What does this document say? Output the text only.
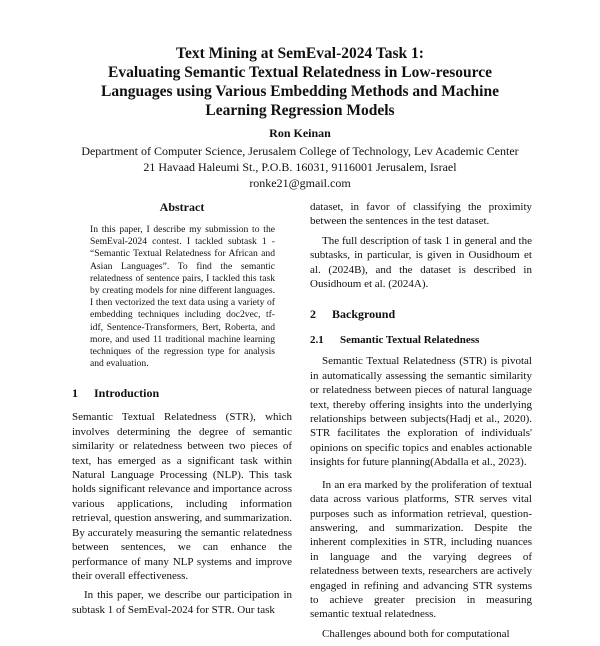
Text Mining at SemEval-2024 Task 1:
Evaluating Semantic Textual Relatedness in Low-resource
Languages using Various Embedding Methods and Machine
Learning Regression Models
Ron Keinan
Department of Computer Science, Jerusalem College of Technology, Lev Academic Center
21 Havaad Haleumi St., P.O.B. 16031, 9116001 Jerusalem, Israel
ronke21@gmail.com
Abstract
In this paper, I describe my submission to the SemEval-2024 contest. I tackled subtask 1 - “Semantic Textual Relatedness for African and Asian Languages”. To find the semantic relatedness of sentence pairs, I tackled this task by creating models for nine different languages. I then vectorized the text data using a variety of embedding techniques including doc2vec, tf-idf, Sentence-Transformers, Bert, Roberta, and more, and used 11 traditional machine learning techniques of the regression type for analysis and evaluation.
1 Introduction

Semantic Textual Relatedness (STR), which involves determining the degree of semantic similarity or relatedness between two pieces of text, has emerged as a significant task within Natural Language Processing (NLP). This task holds significant relevance and importance across various applications, including information retrieval, question answering, and summarization. By accurately measuring the semantic relatedness between sentences, we can enhance the performance of many NLP systems and improve their overall effectiveness.

In this paper, we describe our participation in subtask 1 of SemEval-2024 for STR. Our task

dataset, in favor of classifying the proximity between the sentences in the test dataset.

The full description of task 1 in general and the subtasks, in particular, is given in Ousidhoum et al. (2024B), and the dataset is described in Ousidhoum et al. (2024A).

2 Background
2.1 Semantic Textual Relatedness

Semantic Textual Relatedness (STR) is pivotal in automatically assessing the semantic similarity or relatedness between pieces of natural language text, thereby offering insights into the underlying relationships between subjects(Hadj et al., 2020). STR facilitates the exploration of individuals' opinions on specific topics and enables actionable insights for future planning(Abdalla et al., 2023).

In an era marked by the proliferation of textual data across various platforms, STR serves vital purposes such as information retrieval, question-answering, and summarization. Despite the inherent complexities in STR, including nuances in language and the varying degrees of relatedness between texts, researchers are actively engaged in refining and advancing STR systems to achieve greater precision in measuring semantic textual relatedness.

Challenges abound both for computational
